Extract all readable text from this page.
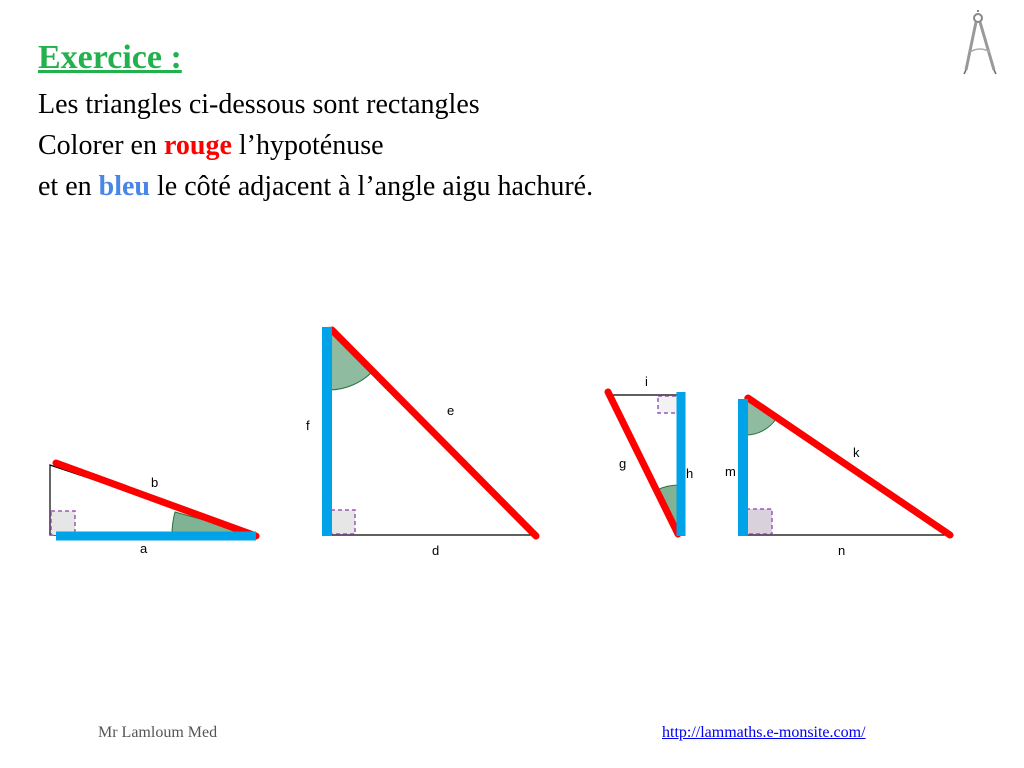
Exercice :

Les triangles ci-dessous sont rectangles

Colorer en rouge l’hypoténuse

et en bleu le côté adjacent à l’angle aigu hachuré.

b
a
f
e
d
i
g
h m
k
n
Mr Lamloum Med	http://lammaths.e-monsite.com/
